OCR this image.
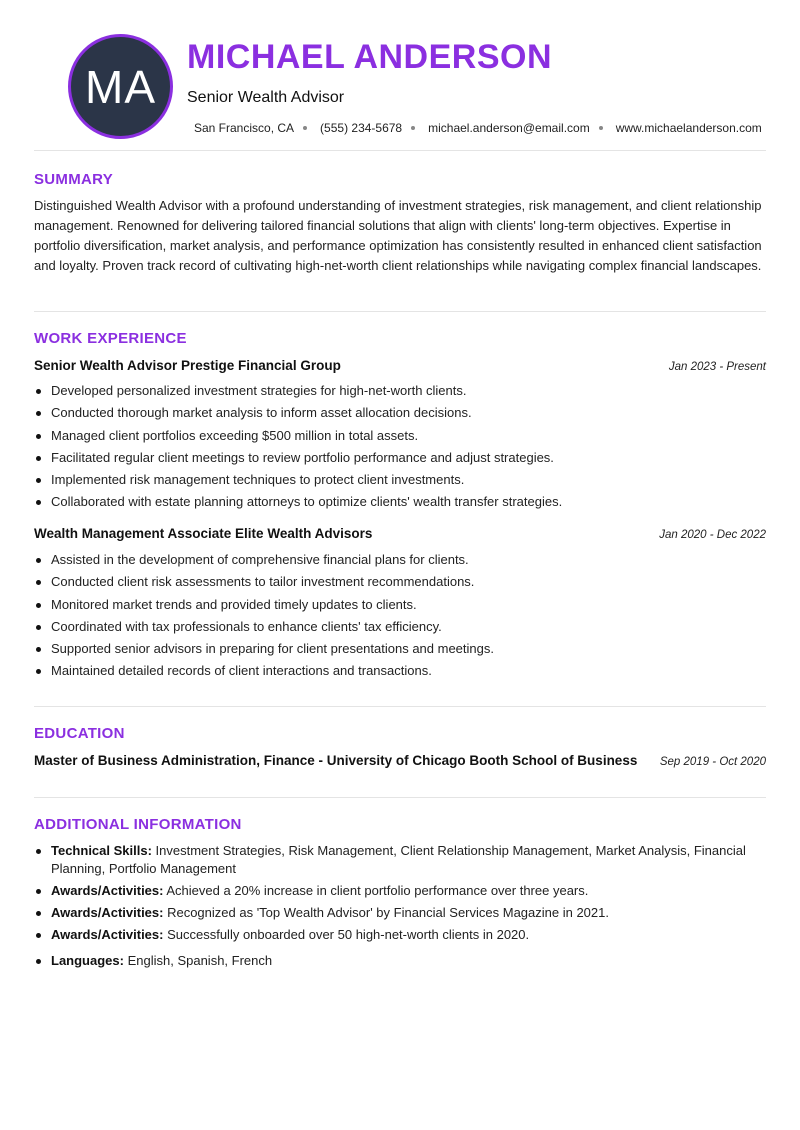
MA
MICHAEL ANDERSON
Senior Wealth Advisor
San Francisco, CA (555) 234-5678 michael.anderson@email.com www.michaelanderson.com
SUMMARY
Distinguished Wealth Advisor with a profound understanding of investment strategies, risk management, and client relationship management. Renowned for delivering tailored financial solutions that align with clients' long-term objectives. Expertise in portfolio diversification, market analysis, and performance optimization has consistently resulted in enhanced client satisfaction and loyalty. Proven track record of cultivating high-net-worth client relationships while navigating complex financial landscapes.
WORK EXPERIENCE
Senior Wealth Advisor Prestige Financial Group	Jan 2023 - Present
Developed personalized investment strategies for high-net-worth clients.
Conducted thorough market analysis to inform asset allocation decisions.
Managed client portfolios exceeding $500 million in total assets.
Facilitated regular client meetings to review portfolio performance and adjust strategies.
Implemented risk management techniques to protect client investments.
Collaborated with estate planning attorneys to optimize clients' wealth transfer strategies.
Wealth Management Associate Elite Wealth Advisors	Jan 2020 - Dec 2022
Assisted in the development of comprehensive financial plans for clients.
Conducted client risk assessments to tailor investment recommendations.
Monitored market trends and provided timely updates to clients.
Coordinated with tax professionals to enhance clients' tax efficiency.
Supported senior advisors in preparing for client presentations and meetings.
Maintained detailed records of client interactions and transactions.
EDUCATION
Master of Business Administration, Finance - University of Chicago Booth School of Business Sep 2019 - Oct 2020
ADDITIONAL INFORMATION
Technical Skills: Investment Strategies, Risk Management, Client Relationship Management, Market Analysis, Financial Planning, Portfolio Management
Awards/Activities: Achieved a 20% increase in client portfolio performance over three years.
Awards/Activities: Recognized as 'Top Wealth Advisor' by Financial Services Magazine in 2021.
Awards/Activities: Successfully onboarded over 50 high-net-worth clients in 2020.
Languages: English, Spanish, French
